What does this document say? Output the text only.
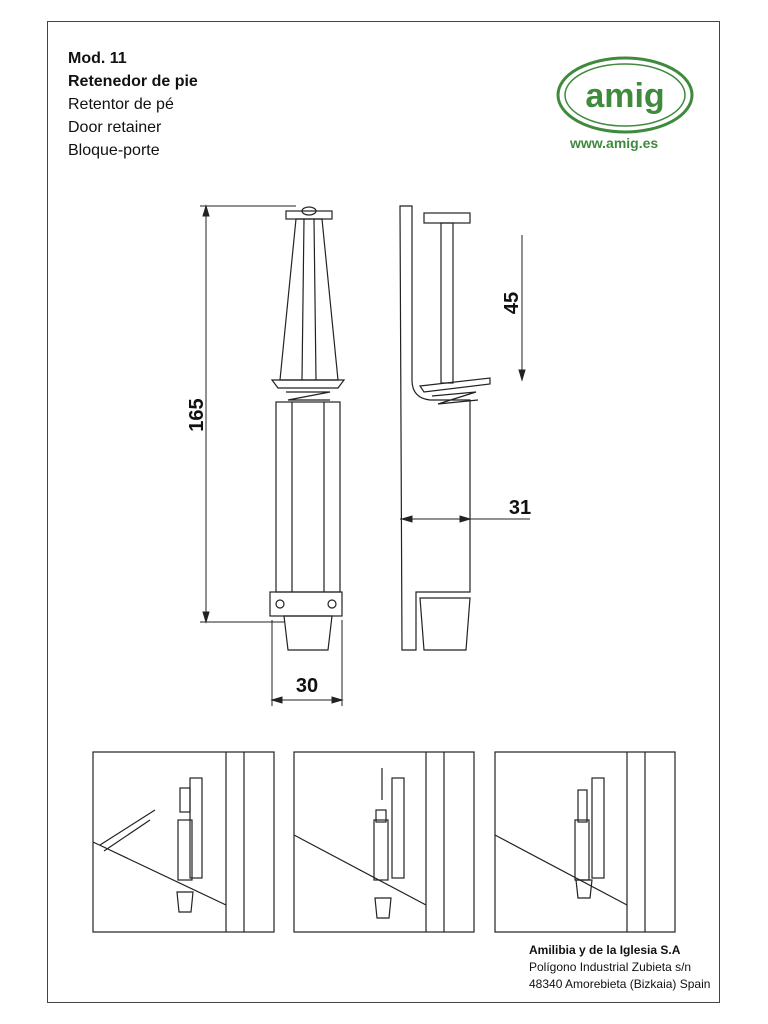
Mod. 11
Retenedor de pie
Retentor de pé
Door retainer
Bloque-porte
amig
www.amig.es
165
45
31
30
Amilibia y de la Iglesia S.A
Polígono Industrial Zubieta s/n
48340 Amorebieta (Bizkaia) Spain
